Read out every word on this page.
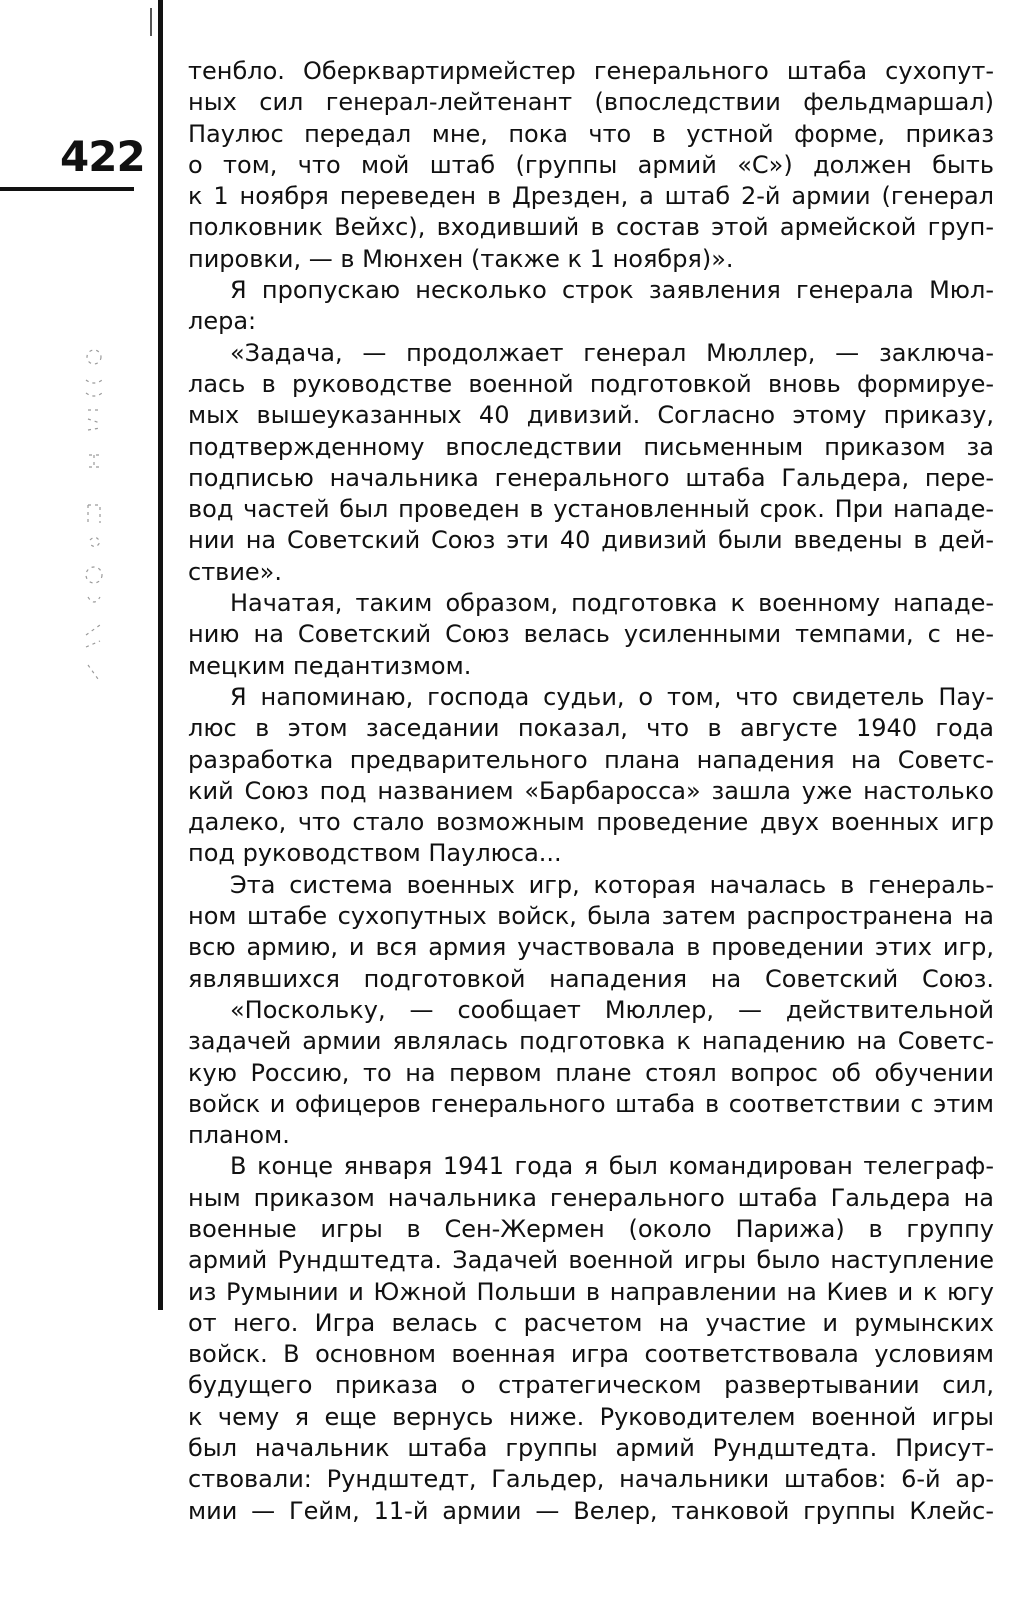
422
тенбло. Оберквартирмейстер генерального штаба сухопут-
ных сил генерал-лейтенант (впоследствии фельдмаршал)
Паулюс передал мне, пока что в устной форме, приказ
о том, что мой штаб (группы армий «С») должен быть
к 1 ноября переведен в Дрезден, а штаб 2-й армии (генерал
полковник Вейхс), входивший в состав этой армейской груп-
пировки, — в Мюнхен (также к 1 ноября)».
Я пропускаю несколько строк заявления генерала Мюл-
лера:
«Задача, — продолжает генерал Мюллер, — заключа-
лась в руководстве военной подготовкой вновь формируе-
мых вышеуказанных 40 дивизий. Согласно этому приказу,
подтвержденному впоследствии письменным приказом за
подписью начальника генерального штаба Гальдера, пере-
вод частей был проведен в установленный срок. При нападе-
нии на Советский Союз эти 40 дивизий были введены в дей-
ствие».
Начатая, таким образом, подготовка к военному нападе-
нию на Советский Союз велась усиленными темпами, с не-
мецким педантизмом.
Я напоминаю, господа судьи, о том, что свидетель Пау-
люс в этом заседании показал, что в августе 1940 года
разработка предварительного плана нападения на Советс-
кий Союз под названием «Барбаросса» зашла уже настолько
далеко, что стало возможным проведение двух военных игр
под руководством Паулюса...
Эта система военных игр, которая началась в генераль-
ном штабе сухопутных войск, была затем распространена на
всю армию, и вся армия участвовала в проведении этих игр,
являвшихся подготовкой нападения на Советский Союз.
«Поскольку, — сообщает Мюллер, — действительной
задачей армии являлась подготовка к нападению на Советс-
кую Россию, то на первом плане стоял вопрос об обучении
войск и офицеров генерального штаба в соответствии с этим
планом.
В конце января 1941 года я был командирован телеграф-
ным приказом начальника генерального штаба Гальдера на
военные игры в Сен-Жермен (около Парижа) в группу
армий Рундштедта. Задачей военной игры было наступление
из Румынии и Южной Польши в направлении на Киев и к югу
от него. Игра велась с расчетом на участие и румынских
войск. В основном военная игра соответствовала условиям
будущего приказа о стратегическом развертывании сил,
к чему я еще вернусь ниже. Руководителем военной игры
был начальник штаба группы армий Рундштедта. Присут-
ствовали: Рундштедт, Гальдер, начальники штабов: 6-й ар-
мии — Гейм, 11-й армии — Велер, танковой группы Клейс-
